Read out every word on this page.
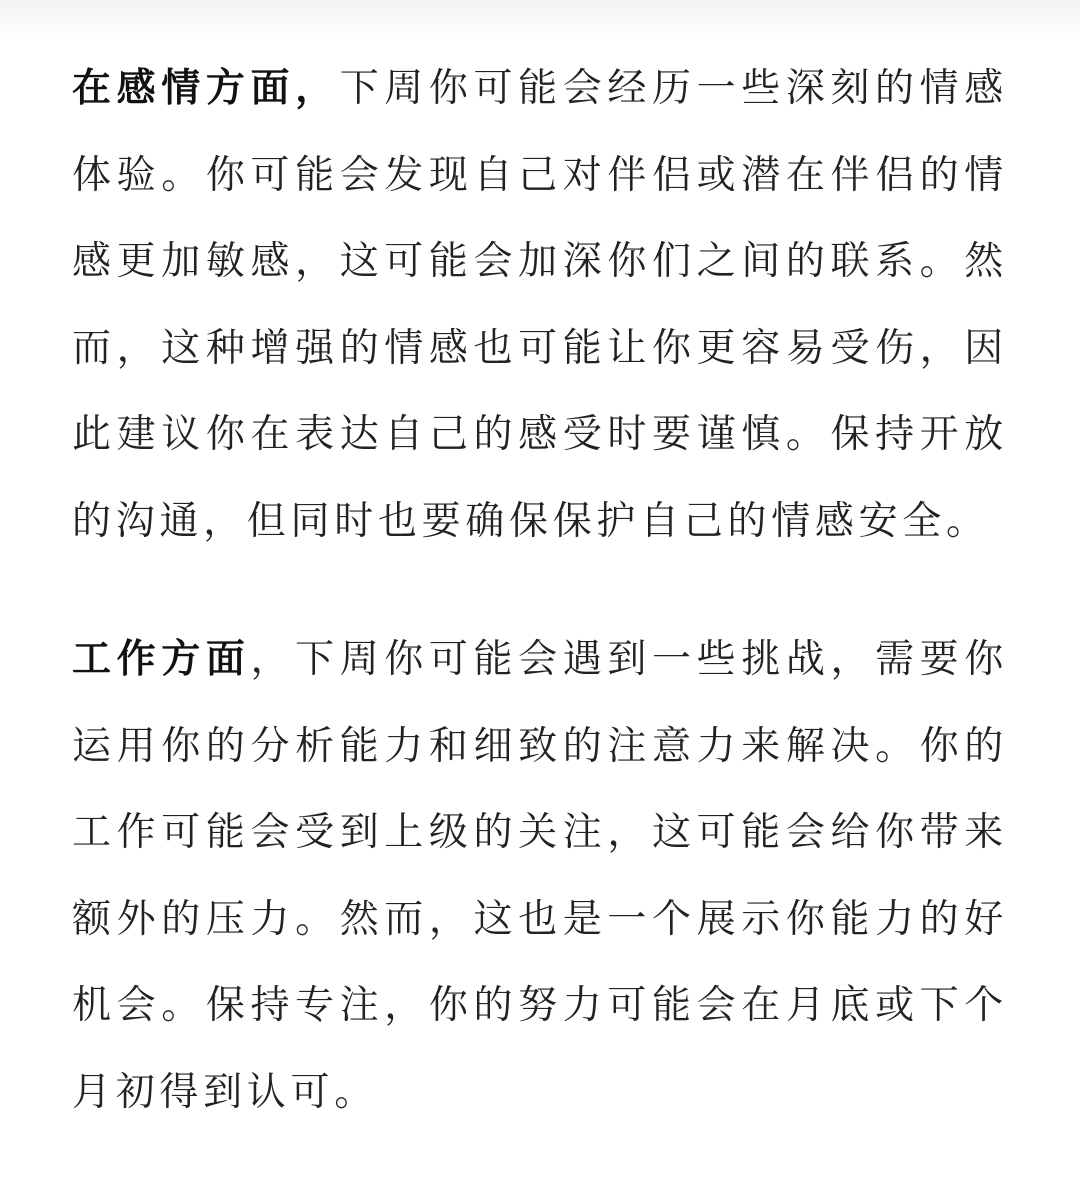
在感情方面，下周你可能会经历一些深刻的情感体验。你可能会发现自己对伴侣或潜在伴侣的情感更加敏感，这可能会加深你们之间的联系。然而，这种增强的情感也可能让你更容易受伤，因此建议你在表达自己的感受时要谨慎。保持开放的沟通，但同时也要确保保护自己的情感安全。

工作方面，下周你可能会遇到一些挑战，需要你运用你的分析能力和细致的注意力来解决。你的工作可能会受到上级的关注，这可能会给你带来额外的压力。然而，这也是一个展示你能力的好机会。保持专注，你的努力可能会在月底或下个月初得到认可。
